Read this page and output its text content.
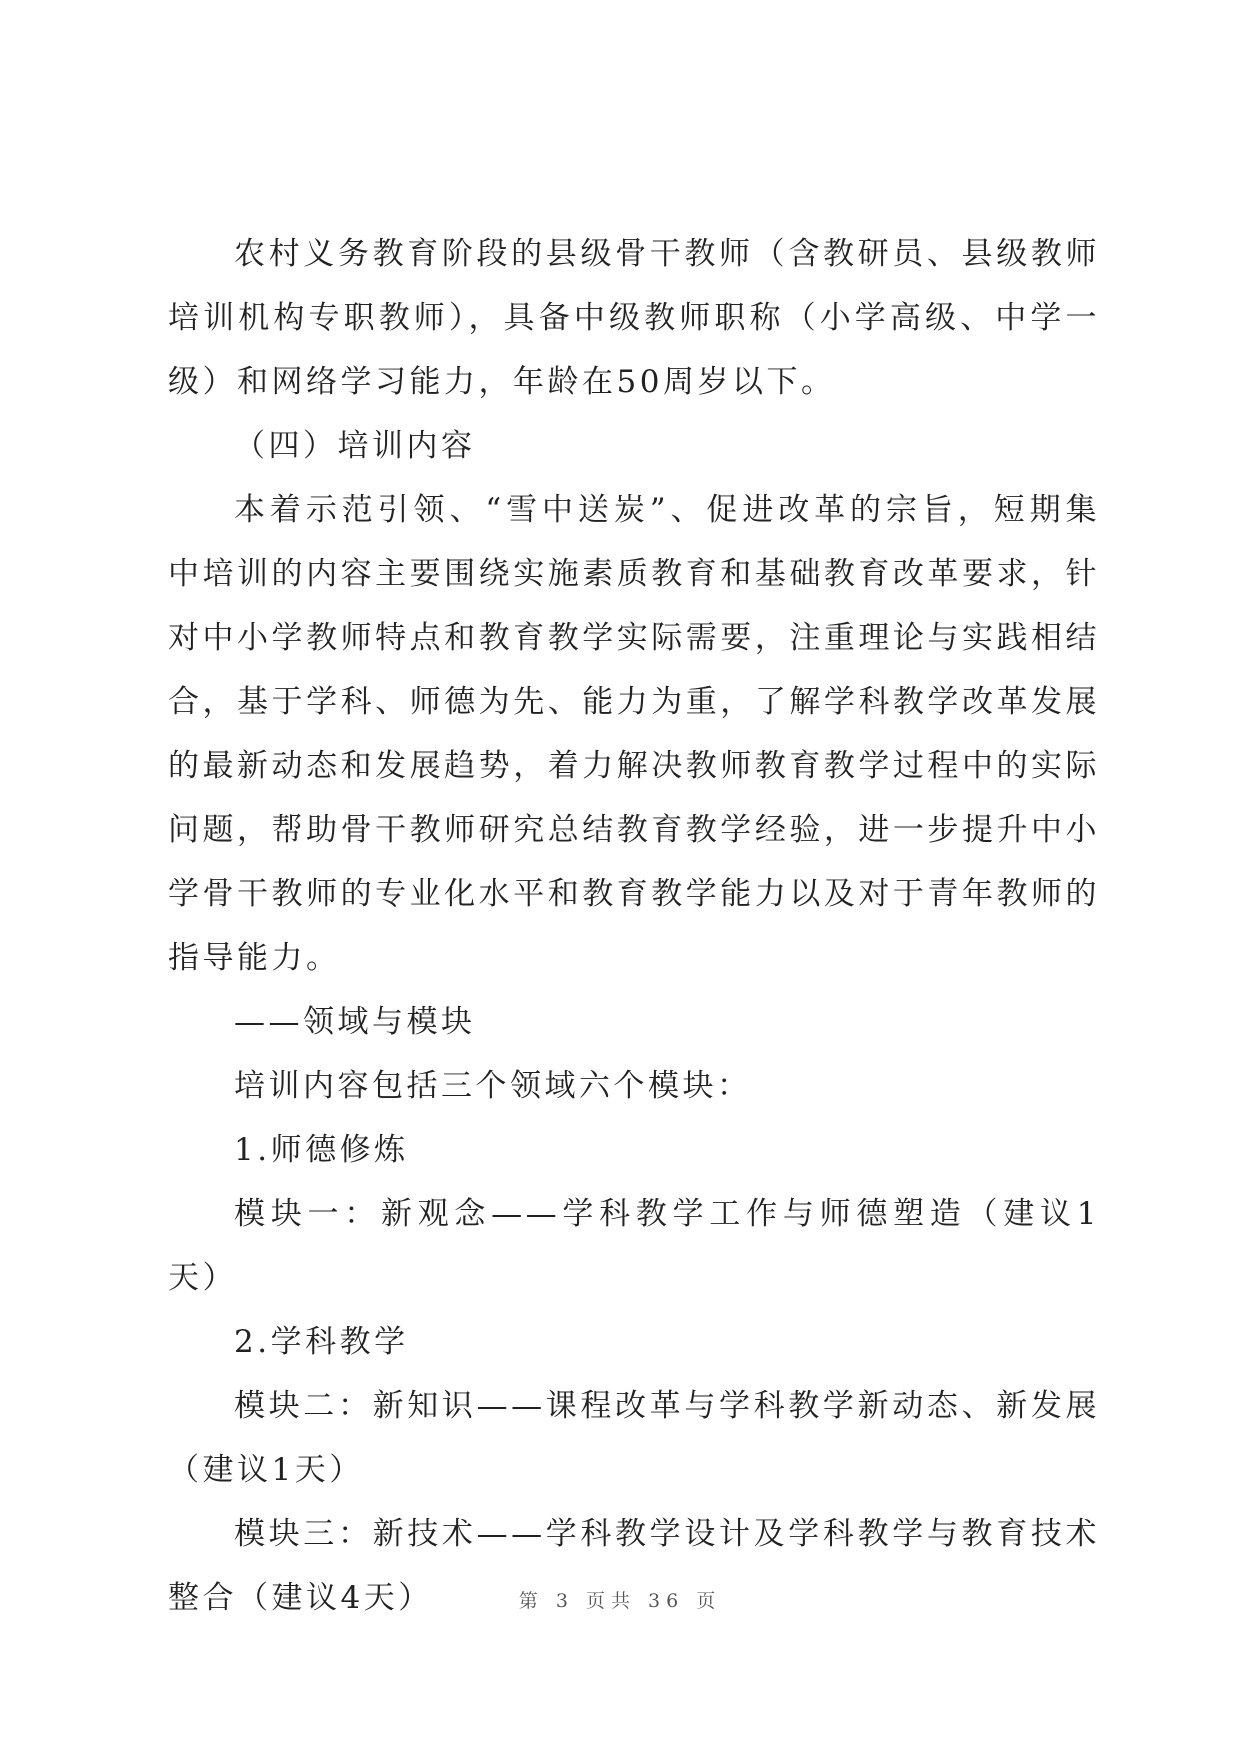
农村义务教育阶段的县级骨干教师（含教研员、县级教师培训机构专职教师），具备中级教师职称（小学高级、中学一级）和网络学习能力，年龄在50周岁以下。

（四）培训内容

本着示范引领、“雪中送炭”、促进改革的宗旨，短期集中培训的内容主要围绕实施素质教育和基础教育改革要求，针对中小学教师特点和教育教学实际需要，注重理论与实践相结合，基于学科、师德为先、能力为重，了解学科教学改革发展的最新动态和发展趋势，着力解决教师教育教学过程中的实际问题，帮助骨干教师研究总结教育教学经验，进一步提升中小学骨干教师的专业化水平和教育教学能力以及对于青年教师的指导能力。

——领域与模块

培训内容包括三个领域六个模块：

1.师德修炼

模块一：新观念——学科教学工作与师德塑造（建议1天）

2.学科教学

模块二：新知识——课程改革与学科教学新动态、新发展（建议1天）

模块三：新技术——学科教学设计及学科教学与教育技术整合（建议4天）	第 3 页共 36 页
